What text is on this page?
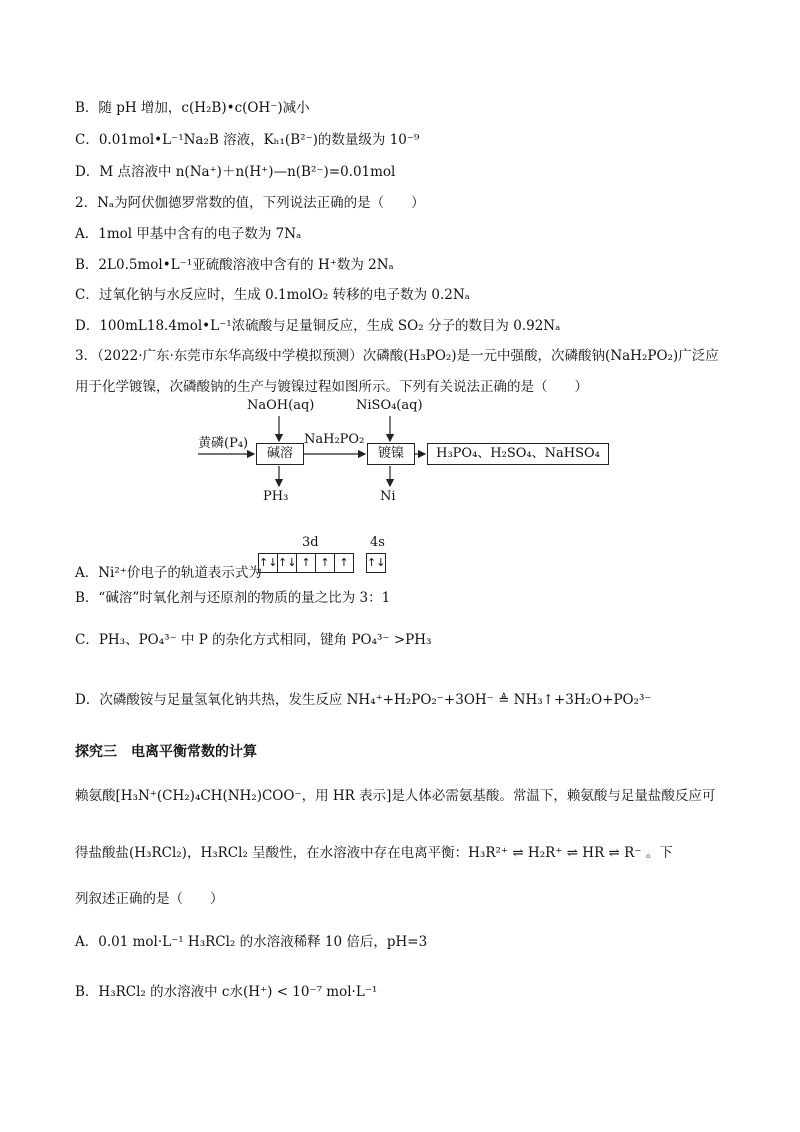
B．随 pH 增加，c(H₂B)•c(OH⁻)减小
C．0.01mol•L⁻¹Na₂B 溶液，Kₕ₁(B²⁻)的数量级为 10⁻⁹
D．M 点溶液中 n(Na⁺)＋n(H⁺)—n(B²⁻)=0.01mol
2．Nₐ为阿伏伽德罗常数的值，下列说法正确的是（　　）
A．1mol 甲基中含有的电子数为 7Nₐ
B．2L0.5mol•L⁻¹亚硫酸溶液中含有的 H⁺数为 2Nₐ
C．过氧化钠与水反应时，生成 0.1molO₂ 转移的电子数为 0.2Nₐ
D．100mL18.4mol•L⁻¹浓硫酸与足量铜反应，生成 SO₂ 分子的数目为 0.92Nₐ
3．（2022·广东·东莞市东华高级中学模拟预测）次磷酸(H₃PO₂)是一元中强酸，次磷酸钠(NaH₂PO₂)广泛应
用于化学镀镍，次磷酸钠的生产与镀镍过程如图所示。下列有关说法正确的是（　　）
NaOH(aq)	NiSO₄(aq)
黄磷(P₄)	NaH₂PO₂
碱溶	镀镍	H₃PO₄、H₂SO₄、NaHSO₄
PH₃	Ni
A．Ni²⁺价电子的轨道表示式为
3d	4s
↑↓ ↑↓ ↑ ↑ ↑	↑↓
B．“碱溶”时氧化剂与还原剂的物质的量之比为 3：1
C．PH₃、PO₄³⁻ 中 P 的杂化方式相同，键角 PO₄³⁻ >PH₃
D．次磷酸铵与足量氢氧化钠共热，发生反应 NH₄⁺+H₂PO₂⁻+3OH⁻ ≜ NH₃↑+3H₂O+PO₂³⁻
探究三　电离平衡常数的计算
赖氨酸[H₃N⁺(CH₂)₄CH(NH₂)COO⁻，用 HR 表示]是人体必需氨基酸。常温下，赖氨酸与足量盐酸反应可
得盐酸盐(H₃RCl₂)，H₃RCl₂ 呈酸性，在水溶液中存在电离平衡：H₃R²⁺ ⇌ H₂R⁺ ⇌ HR ⇌ R⁻ 。下
列叙述正确的是（　　）
A．0.01 mol·L⁻¹ H₃RCl₂ 的水溶液稀释 10 倍后，pH=3
B．H₃RCl₂ 的水溶液中 c水(H⁺) < 10⁻⁷ mol·L⁻¹
